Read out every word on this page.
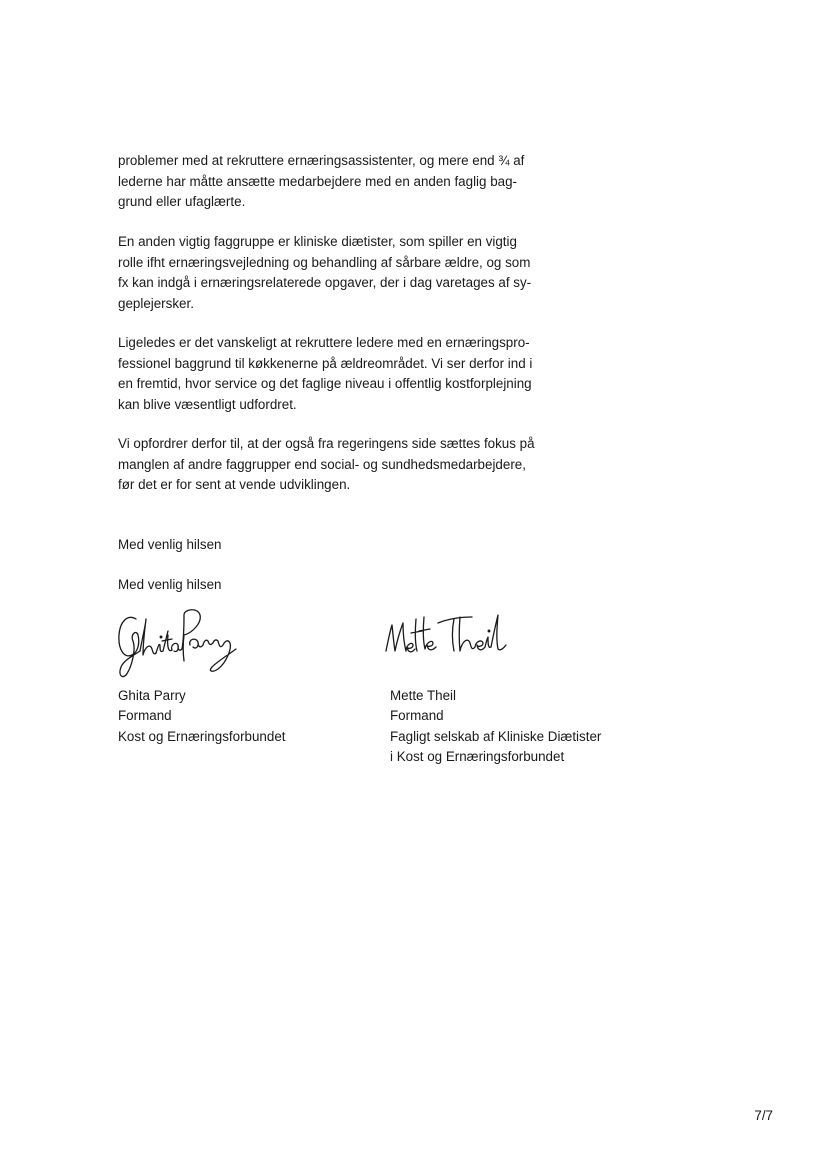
problemer med at rekruttere ernæringsassistenter, og mere end ¾ af
lederne har måtte ansætte medarbejdere med en anden faglig bag-
grund eller ufaglærte.

En anden vigtig faggruppe er kliniske diætister, som spiller en vigtig
rolle ifht ernæringsvejledning og behandling af sårbare ældre, og som
fx kan indgå i ernæringsrelaterede opgaver, der i dag varetages af sy-
geplejersker.

Ligeledes er det vanskeligt at rekruttere ledere med en ernæringspro-
fessionel baggrund til køkkenerne på ældreområdet. Vi ser derfor ind i
en fremtid, hvor service og det faglige niveau i offentlig kostforplejning
kan blive væsentligt udfordret.

Vi opfordrer derfor til, at der også fra regeringens side sættes fokus på
manglen af andre faggrupper end social- og sundhedsmedarbejdere,
før det er for sent at vende udviklingen.

Med venlig hilsen

Med venlig hilsen

Ghita Parry
Formand
Kost og Ernæringsforbundet
Mette Theil
Formand
Fagligt selskab af Kliniske Diætister
i Kost og Ernæringsforbundet
7/7
